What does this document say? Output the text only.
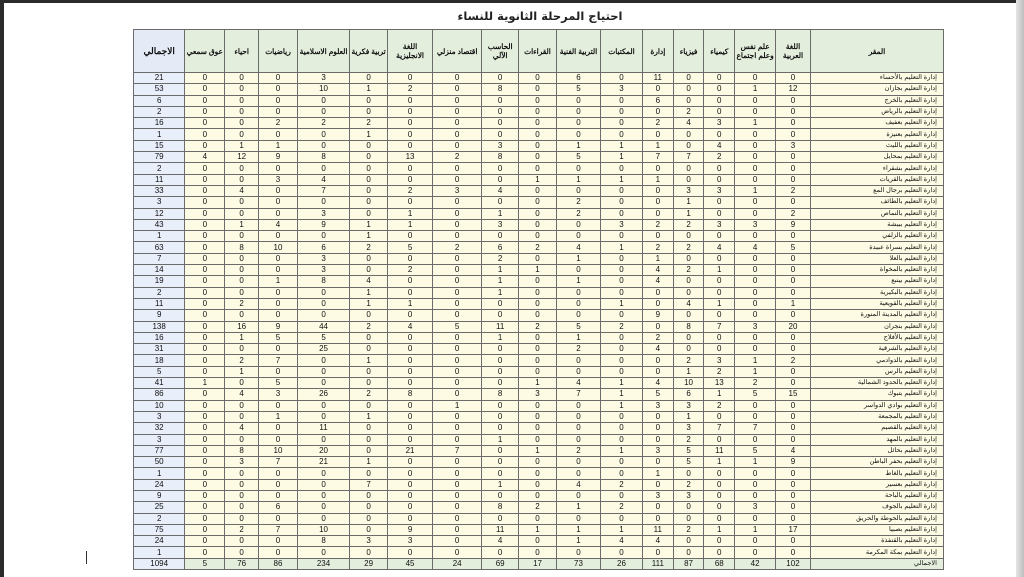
احتياج المرحلة الثانوية للنساء
المقر	اللغة العربية	علم نفس وعلم اجتماع	كيمياء	فيزياء	إدارة	المكتبات	التربية الفنية	القراءات	الحاسب الآلي	اقتصاد منزلي	اللغة الانجليزية	تربية فكرية	العلوم الاسلامية	رياضيات	احياء	عوق سمعي	الاجمالي
إدارة التعليم بالأحساء	0	0	0	0	11	0	6	0	0	0	0	0	3	0	0	0	21
إدارة التعليم بجازان	12	1	0	0	0	3	5	0	8	0	2	1	10	0	0	0	53
إدارة التعليم بالخرج	0	0	0	0	6	0	0	0	0	0	0	0	0	0	0	0	6
إدارة التعليم بالرياض	0	0	0	2	0	0	0	0	0	0	0	0	0	0	0	0	2
إدارة التعليم بعفيف	0	1	3	4	2	0	0	0	0	0	0	2	2	2	0	0	16
إدارة التعليم بعنيزة	0	0	0	0	0	0	0	0	0	0	0	1	0	0	0	0	1
إدارة التعليم بالليث	3	0	4	0	1	1	1	0	3	0	0	0	0	1	1	0	15
إدارة التعليم بمحايل	0	0	2	7	7	1	5	0	8	2	13	0	8	9	12	4	79
إدارة التعليم بشقراء	0	0	0	0	0	0	0	0	0	0	0	0	0	0	0	0	2
إدارة التعليم بالقريات	0	0	0	0	1	1	1	1	0	0	0	0	4	3	0	0	11
إدارة التعليم برجال المع	2	1	3	3	0	0	0	0	4	3	2	0	7	0	4	0	33
إدارة التعليم بالطائف	0	0	0	1	0	0	2	0	0	0	0	0	0	0	0	0	3
إدارة التعليم بالنماص	2	0	0	1	0	0	2	0	1	0	1	0	3	0	0	0	12
إدارة التعليم ببيشة	9	3	3	2	2	3	0	0	3	0	1	1	9	4	1	0	43
إدارة التعليم بالزلفي	0	0	0	0	0	0	0	0	0	0	0	1	0	0	0	0	1
إدارة التعليم بسراة عبيدة	5	4	4	2	2	1	4	2	6	2	5	2	6	10	8	0	63
إدارة التعليم بالعلا	0	0	0	0	1	0	1	0	2	0	0	0	3	0	0	0	7
إدارة التعليم بالمخواة	0	0	1	2	4	0	0	1	1	0	2	0	3	0	0	0	14
إدارة التعليم بينبع	0	0	0	0	4	0	1	0	1	0	0	4	8	1	0	0	19
إدارة التعليم بالبكيرية	0	0	0	0	0	0	0	0	1	0	0	1	0	0	0	0	2
إدارة التعليم بالقويعية	1	0	1	4	0	1	0	0	0	0	1	1	0	0	2	0	11
إدارة التعليم بالمدينة المنورة	0	0	0	0	9	0	0	0	0	0	0	0	0	0	0	0	9
إدارة التعليم بنجران	20	3	7	8	0	2	5	2	11	5	4	2	44	9	16	0	138
إدارة التعليم بالأفلاج	0	0	0	0	2	0	1	0	1	0	0	0	5	5	1	0	16
إدارة التعليم بالشرقية	0	0	0	0	4	0	2	0	0	0	0	0	25	0	0	0	31
إدارة التعليم بالدوادمي	2	1	3	2	0	0	0	0	0	0	0	1	0	7	2	0	18
إدارة التعليم بالرس	0	1	2	1	0	0	0	0	0	0	0	0	0	0	1	0	5
إدارة التعليم بالحدود الشمالية	0	2	13	10	4	1	4	1	0	0	0	0	0	5	0	1	41
إدارة التعليم بتبوك	15	5	1	6	5	1	7	3	8	0	8	2	26	3	4	0	86
إدارة التعليم بوادي الدواسر	0	0	2	3	3	1	0	0	0	1	0	0	0	0	0	0	10
إدارة التعليم بالمجمعة	0	0	0	1	0	0	0	0	0	0	0	1	0	1	0	0	3
إدارة التعليم بالقصيم	0	7	7	3	0	0	0	0	0	0	0	0	11	0	4	0	32
إدارة التعليم بالمهد	0	0	0	2	0	0	0	0	1	0	0	0	0	0	0	0	3
إدارة التعليم بحائل	4	5	11	5	3	1	2	1	0	7	21	0	20	10	8	0	77
إدارة التعليم بحفر الباطن	9	1	1	5	0	0	0	0	0	0	0	1	21	7	3	0	50
إدارة التعليم بالغاط	0	0	0	0	1	0	0	0	0	0	0	0	0	0	0	0	1
إدارة التعليم بعسير	0	0	0	2	0	2	4	0	1	0	0	7	0	0	0	0	24
إدارة التعليم بالباحة	0	0	0	3	3	0	0	0	0	0	0	0	0	0	0	0	9
إدارة التعليم بالجوف	0	3	0	0	0	2	1	2	8	0	0	0	0	6	0	0	25
إدارة التعليم بالحوطة والحريق	0	0	0	0	0	0	0	0	0	0	0	0	0	0	0	0	2
إدارة التعليم بصبيا	17	1	1	2	11	1	1	1	11	0	9	0	10	7	2	0	75
إدارة التعليم بالقنفذة	0	0	0	0	4	4	1	0	4	0	3	3	8	0	0	0	24
إدارة التعليم بمكة المكرمة	0	0	0	0	0	0	0	0	0	0	0	0	0	0	0	0	1
الاجمالي	102	42	68	87	111	26	73	17	69	24	45	29	234	86	76	5	1094
